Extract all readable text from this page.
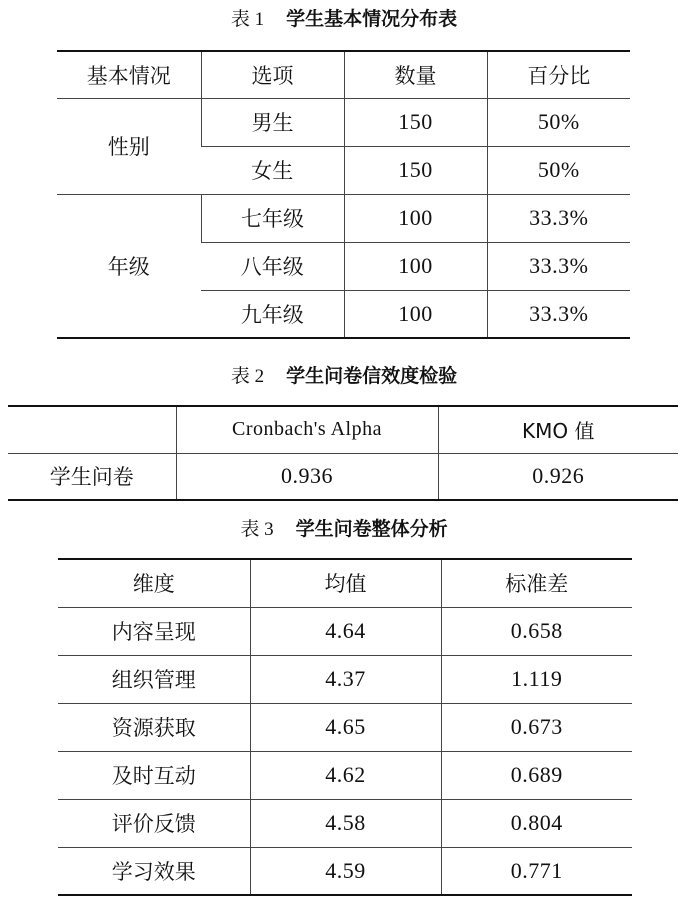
表 1 学生基本情况分布表
基本情况	选项	数量	百分比
性别	男生	150	50%
	女生	150	50%
年级	七年级	100	33.3%
	八年级	100	33.3%
	九年级	100	33.3%
表 2 学生问卷信效度检验
	Cronbach's Alpha	KMO 值
学生问卷	0.936	0.926
表 3 学生问卷整体分析
维度	均值	标准差
内容呈现	4.64	0.658
组织管理	4.37	1.119
资源获取	4.65	0.673
及时互动	4.62	0.689
评价反馈	4.58	0.804
学习效果	4.59	0.771
